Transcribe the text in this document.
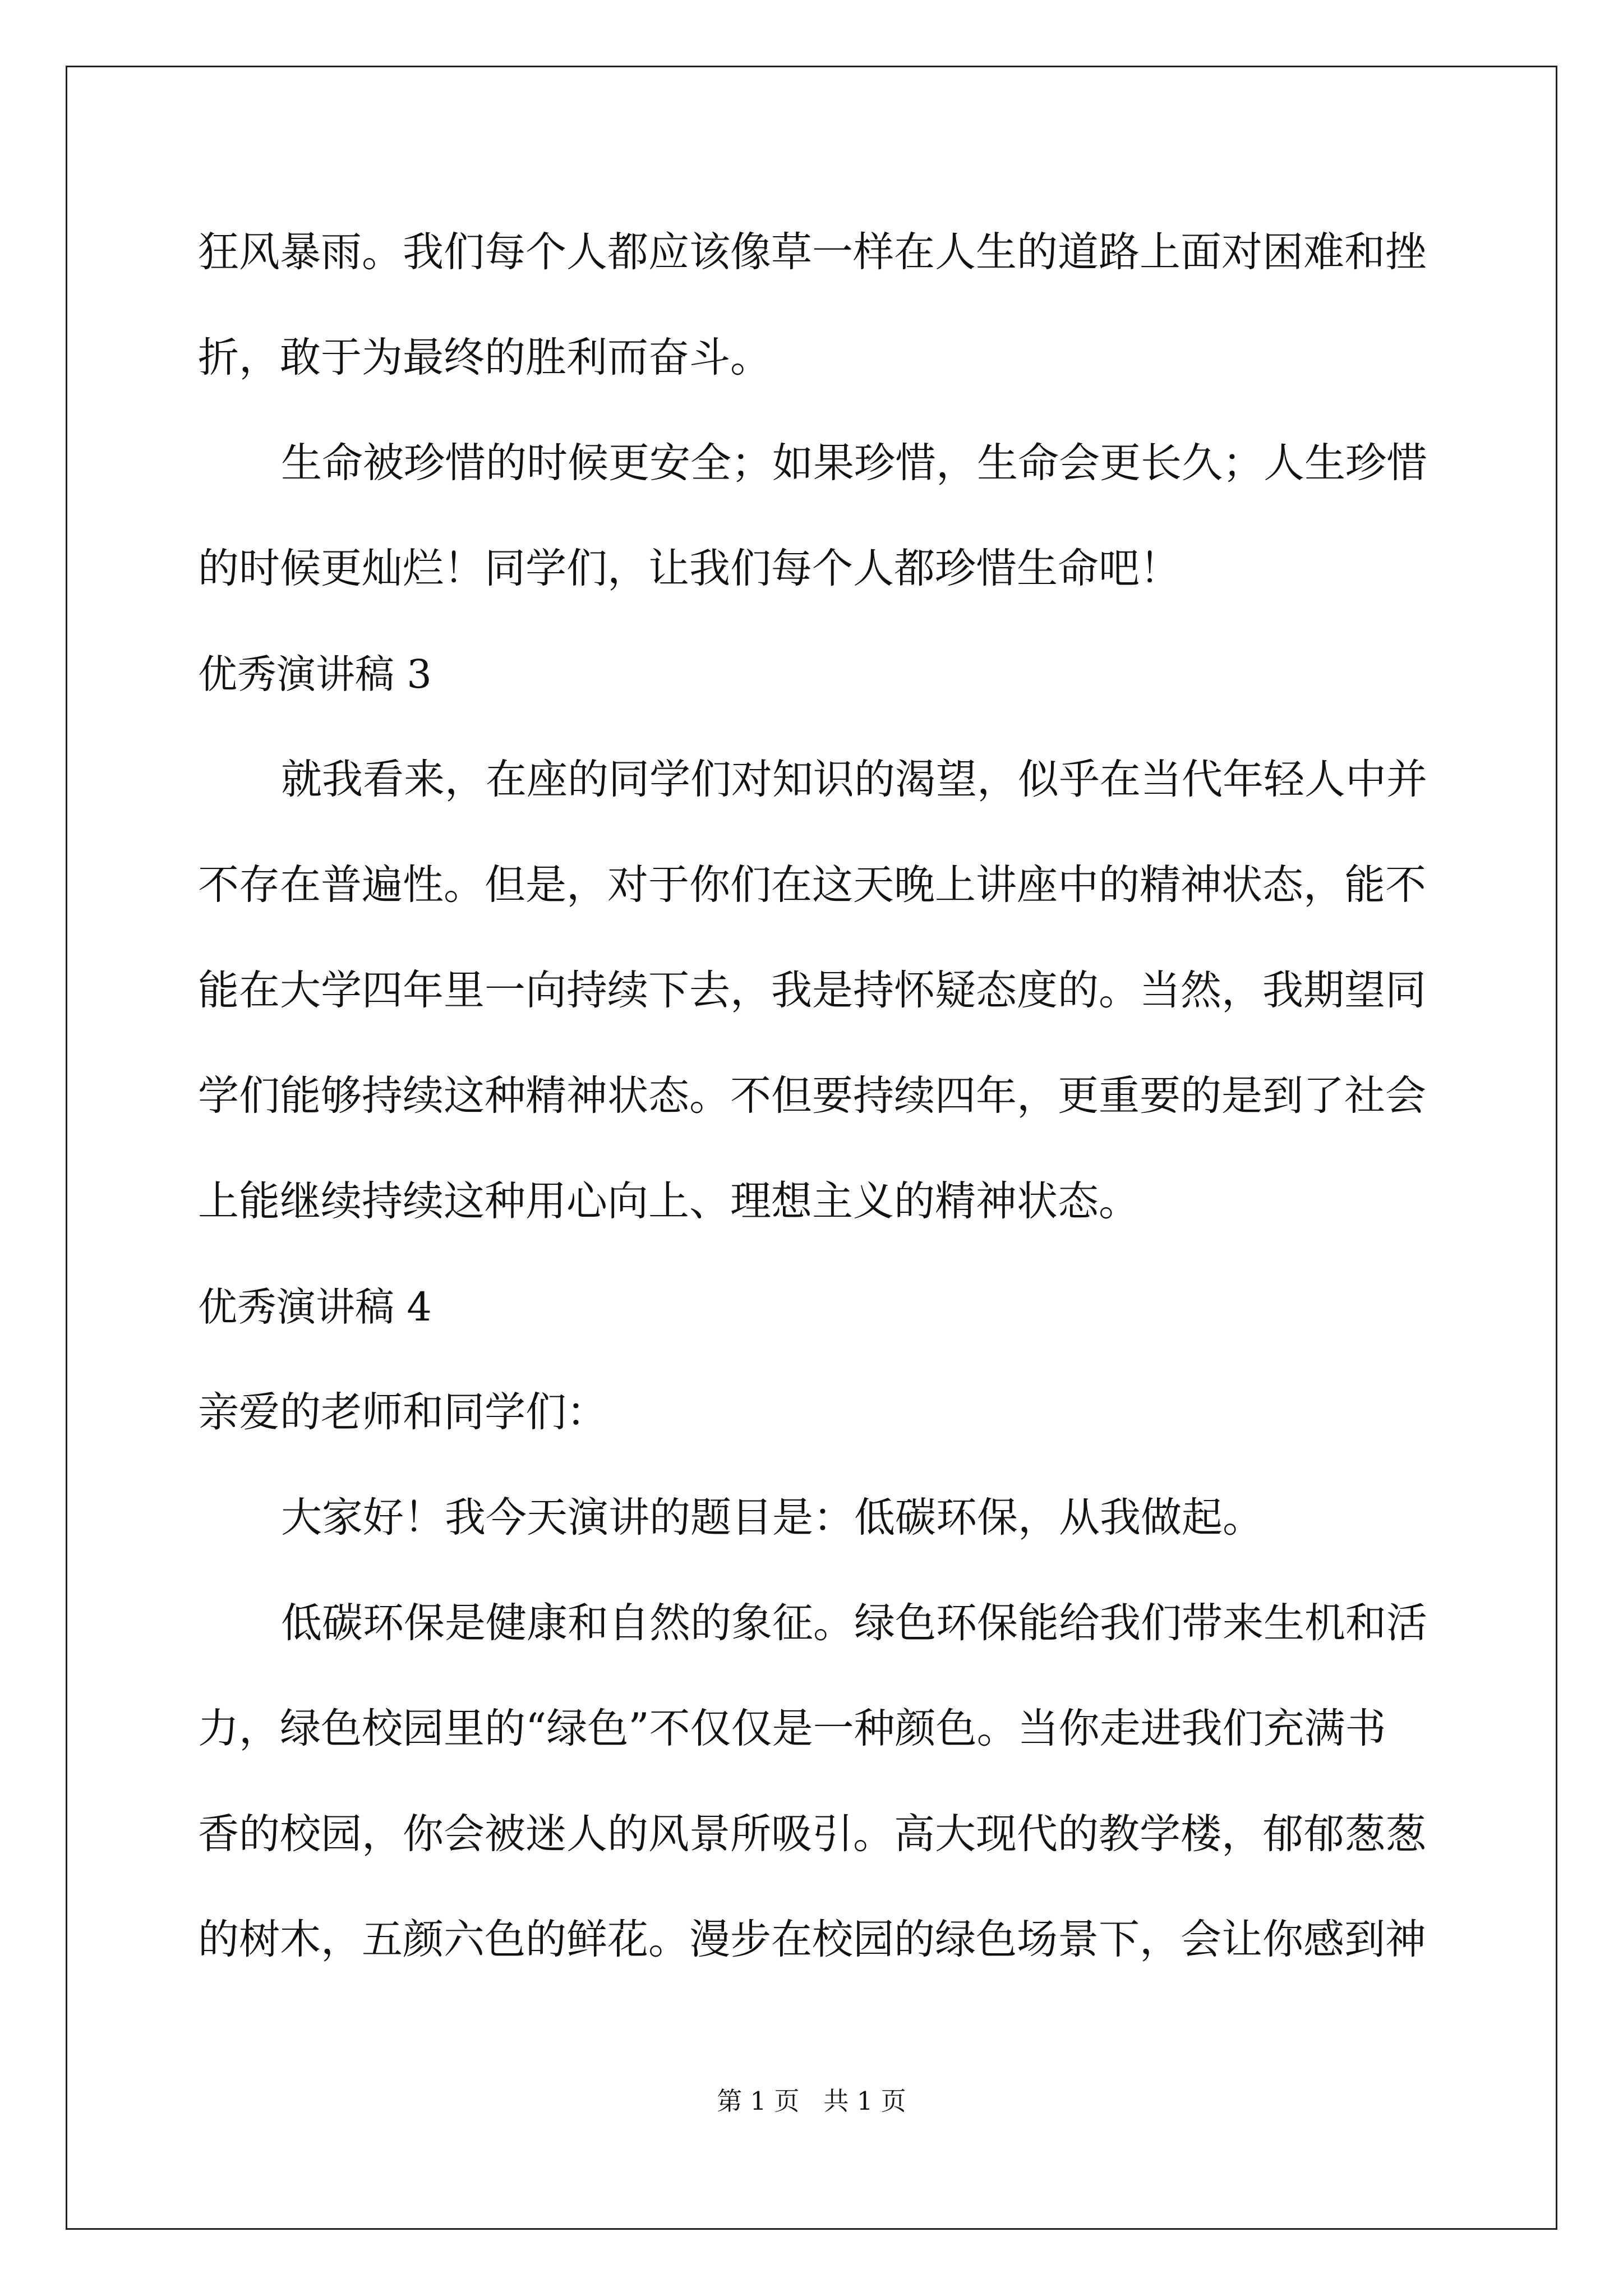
狂风暴雨。我们每个人都应该像草一样在人生的道路上面对困难和挫
折，敢于为最终的胜利而奋斗。
生命被珍惜的时候更安全；如果珍惜，生命会更长久；人生珍惜
的时候更灿烂！同学们，让我们每个人都珍惜生命吧！
优秀演讲稿 3
就我看来，在座的同学们对知识的渴望，似乎在当代年轻人中并
不存在普遍性。但是，对于你们在这天晚上讲座中的精神状态，能不
能在大学四年里一向持续下去，我是持怀疑态度的。当然，我期望同
学们能够持续这种精神状态。不但要持续四年，更重要的是到了社会
上能继续持续这种用心向上、理想主义的精神状态。
优秀演讲稿 4
亲爱的老师和同学们：
大家好！我今天演讲的题目是：低碳环保，从我做起。
低碳环保是健康和自然的象征。绿色环保能给我们带来生机和活
力，绿色校园里的“绿色”不仅仅是一种颜色。当你走进我们充满书
香的校园，你会被迷人的风景所吸引。高大现代的教学楼，郁郁葱葱
的树木，五颜六色的鲜花。漫步在校园的绿色场景下，会让你感到神
第 1 页   共 1 页
